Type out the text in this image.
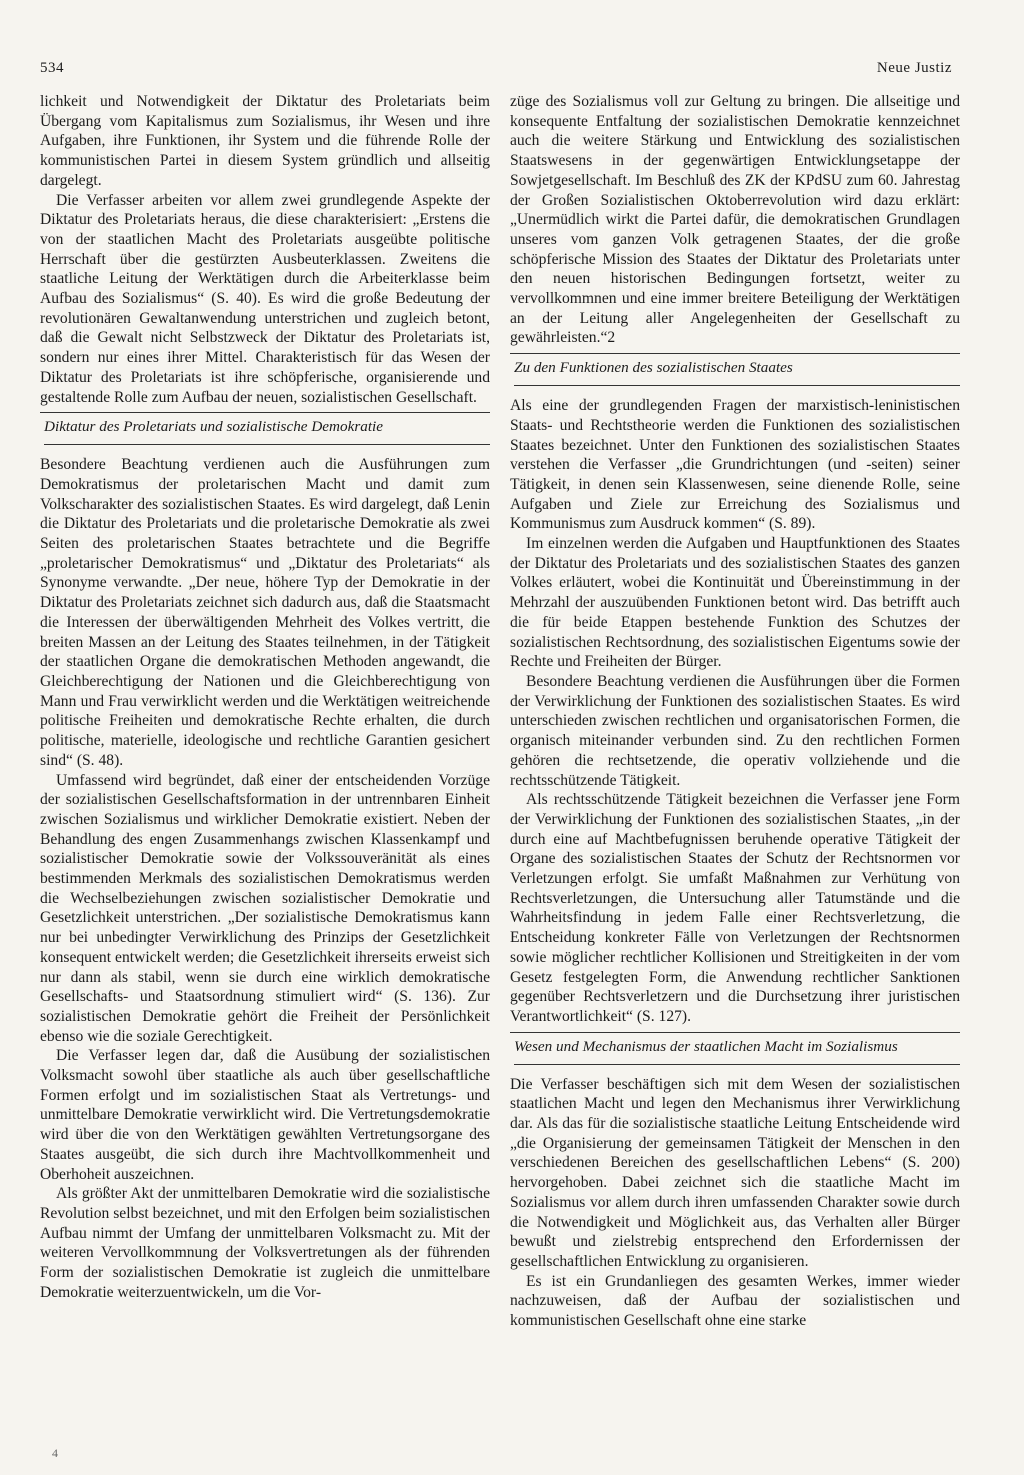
534	Neue Justiz

lichkeit und Notwendigkeit der Diktatur des Proletariats beim Übergang vom Kapitalismus zum Sozialismus, ihr Wesen und ihre Aufgaben, ihre Funktionen, ihr System und die führende Rolle der kommunistischen Partei in diesem System gründlich und allseitig dargelegt.

Die Verfasser arbeiten vor allem zwei grundlegende Aspekte der Diktatur des Proletariats heraus, die diese charakterisiert: „Erstens die von der staatlichen Macht des Proletariats ausgeübte politische Herrschaft über die gestürzten Ausbeuterklassen. Zweitens die staatliche Leitung der Werktätigen durch die Arbeiterklasse beim Aufbau des Sozialismus“ (S. 40). Es wird die große Bedeutung der revolutionären Gewaltanwendung unterstrichen und zugleich betont, daß die Gewalt nicht Selbstzweck der Diktatur des Proletariats ist, sondern nur eines ihrer Mittel. Charakteristisch für das Wesen der Diktatur des Proletariats ist ihre schöpferische, organisierende und gestaltende Rolle zum Aufbau der neuen, sozialistischen Gesellschaft.

Diktatur des Proletariats und sozialistische Demokratie

Besondere Beachtung verdienen auch die Ausführungen zum Demokratismus der proletarischen Macht und damit zum Volkscharakter des sozialistischen Staates. Es wird dargelegt, daß Lenin die Diktatur des Proletariats und die proletarische Demokratie als zwei Seiten des proletarischen Staates betrachtete und die Begriffe „proletarischer Demokratismus“ und „Diktatur des Proletariats“ als Synonyme verwandte. „Der neue, höhere Typ der Demokratie in der Diktatur des Proletariats zeichnet sich dadurch aus, daß die Staatsmacht die Interessen der überwältigenden Mehrheit des Volkes vertritt, die breiten Massen an der Leitung des Staates teilnehmen, in der Tätigkeit der staatlichen Organe die demokratischen Methoden angewandt, die Gleichberechtigung der Nationen und die Gleichberechtigung von Mann und Frau verwirklicht werden und die Werktätigen weitreichende politische Freiheiten und demokratische Rechte erhalten, die durch politische, materielle, ideologische und rechtliche Garantien gesichert sind“ (S. 48).

Umfassend wird begründet, daß einer der entscheidenden Vorzüge der sozialistischen Gesellschaftsformation in der untrennbaren Einheit zwischen Sozialismus und wirklicher Demokratie existiert. Neben der Behandlung des engen Zusammenhangs zwischen Klassenkampf und sozialistischer Demokratie sowie der Volkssouveränität als eines bestimmenden Merkmals des sozialistischen Demokratismus werden die Wechselbeziehungen zwischen sozialistischer Demokratie und Gesetzlichkeit unterstrichen. „Der sozialistische Demokratismus kann nur bei unbedingter Verwirklichung des Prinzips der Gesetzlichkeit konsequent entwickelt werden; die Gesetzlichkeit ihrerseits erweist sich nur dann als stabil, wenn sie durch eine wirklich demokratische Gesellschafts- und Staatsordnung stimuliert wird“ (S. 136). Zur sozialistischen Demokratie gehört die Freiheit der Persönlichkeit ebenso wie die soziale Gerechtigkeit.

Die Verfasser legen dar, daß die Ausübung der sozialistischen Volksmacht sowohl über staatliche als auch über gesellschaftliche Formen erfolgt und im sozialistischen Staat als Vertretungs- und unmittelbare Demokratie verwirklicht wird. Die Vertretungsdemokratie wird über die von den Werktätigen gewählten Vertretungsorgane des Staates ausgeübt, die sich durch ihre Machtvollkommenheit und Oberhoheit auszeichnen.

Als größter Akt der unmittelbaren Demokratie wird die sozialistische Revolution selbst bezeichnet, und mit den Erfolgen beim sozialistischen Aufbau nimmt der Umfang der unmittelbaren Volksmacht zu. Mit der weiteren Vervollkommnung der Volksvertretungen als der führenden Form der sozialistischen Demokratie ist zugleich die unmittelbare Demokratie weiterzuentwickeln, um die Vor-

züge des Sozialismus voll zur Geltung zu bringen. Die allseitige und konsequente Entfaltung der sozialistischen Demokratie kennzeichnet auch die weitere Stärkung und Entwicklung des sozialistischen Staatswesens in der gegenwärtigen Entwicklungsetappe der Sowjetgesellschaft. Im Beschluß des ZK der KPdSU zum 60. Jahrestag der Großen Sozialistischen Oktoberrevolution wird dazu erklärt: „Unermüdlich wirkt die Partei dafür, die demokratischen Grundlagen unseres vom ganzen Volk getragenen Staates, der die große schöpferische Mission des Staates der Diktatur des Proletariats unter den neuen historischen Bedingungen fortsetzt, weiter zu vervollkommnen und eine immer breitere Beteiligung der Werktätigen an der Leitung aller Angelegenheiten der Gesellschaft zu gewährleisten.“2

Zu den Funktionen des sozialistischen Staates

Als eine der grundlegenden Fragen der marxistisch-leninistischen Staats- und Rechtstheorie werden die Funktionen des sozialistischen Staates bezeichnet. Unter den Funktionen des sozialistischen Staates verstehen die Verfasser „die Grundrichtungen (und -seiten) seiner Tätigkeit, in denen sein Klassenwesen, seine dienende Rolle, seine Aufgaben und Ziele zur Erreichung des Sozialismus und Kommunismus zum Ausdruck kommen“ (S. 89).

Im einzelnen werden die Aufgaben und Hauptfunktionen des Staates der Diktatur des Proletariats und des sozialistischen Staates des ganzen Volkes erläutert, wobei die Kontinuität und Übereinstimmung in der Mehrzahl der auszuübenden Funktionen betont wird. Das betrifft auch die für beide Etappen bestehende Funktion des Schutzes der sozialistischen Rechtsordnung, des sozialistischen Eigentums sowie der Rechte und Freiheiten der Bürger.

Besondere Beachtung verdienen die Ausführungen über die Formen der Verwirklichung der Funktionen des sozialistischen Staates. Es wird unterschieden zwischen rechtlichen und organisatorischen Formen, die organisch miteinander verbunden sind. Zu den rechtlichen Formen gehören die rechtsetzende, die operativ vollziehende und die rechtsschützende Tätigkeit.

Als rechtsschützende Tätigkeit bezeichnen die Verfasser jene Form der Verwirklichung der Funktionen des sozialistischen Staates, „in der durch eine auf Machtbefugnissen beruhende operative Tätigkeit der Organe des sozialistischen Staates der Schutz der Rechtsnormen vor Verletzungen erfolgt. Sie umfaßt Maßnahmen zur Verhütung von Rechtsverletzungen, die Untersuchung aller Tatumstände und die Wahrheitsfindung in jedem Falle einer Rechtsverletzung, die Entscheidung konkreter Fälle von Verletzungen der Rechtsnormen sowie möglicher rechtlicher Kollisionen und Streitigkeiten in der vom Gesetz festgelegten Form, die Anwendung rechtlicher Sanktionen gegenüber Rechtsverletzern und die Durchsetzung ihrer juristischen Verantwortlichkeit“ (S. 127).

Wesen und Mechanismus der staatlichen Macht im Sozialismus

Die Verfasser beschäftigen sich mit dem Wesen der sozialistischen staatlichen Macht und legen den Mechanismus ihrer Verwirklichung dar. Als das für die sozialistische staatliche Leitung Entscheidende wird „die Organisierung der gemeinsamen Tätigkeit der Menschen in den verschiedenen Bereichen des gesellschaftlichen Lebens“ (S. 200) hervorgehoben. Dabei zeichnet sich die staatliche Macht im Sozialismus vor allem durch ihren umfassenden Charakter sowie durch die Notwendigkeit und Möglichkeit aus, das Verhalten aller Bürger bewußt und zielstrebig entsprechend den Erfordernissen der gesellschaftlichen Entwicklung zu organisieren.

Es ist ein Grundanliegen des gesamten Werkes, immer wieder nachzuweisen, daß der Aufbau der sozialistischen und kommunistischen Gesellschaft ohne eine starke

4
